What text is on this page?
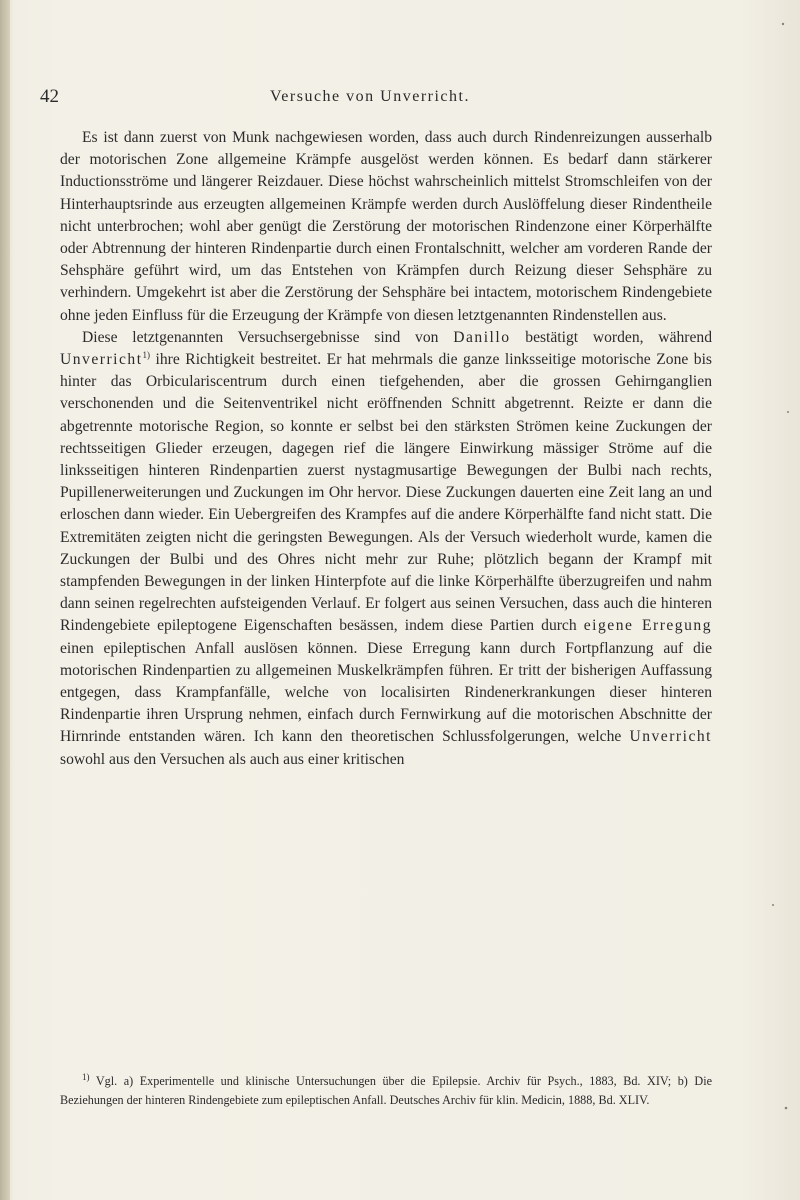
42	Versuche von Unverricht.

Es ist dann zuerst von Munk nachgewiesen worden, dass auch durch Rindenreizungen ausserhalb der motorischen Zone allgemeine Krämpfe ausgelöst werden können. Es bedarf dann stärkerer Inductionsströme und längerer Reizdauer. Diese höchst wahrscheinlich mittelst Stromschleifen von der Hinterhauptsrinde aus erzeugten allgemeinen Krämpfe werden durch Auslöffelung dieser Rindentheile nicht unterbrochen; wohl aber genügt die Zerstörung der motorischen Rindenzone einer Körperhälfte oder Abtrennung der hinteren Rindenpartie durch einen Frontalschnitt, welcher am vorderen Rande der Sehsphäre geführt wird, um das Entstehen von Krämpfen durch Reizung dieser Sehsphäre zu verhindern. Umgekehrt ist aber die Zerstörung der Sehsphäre bei intactem, motorischem Rindengebiete ohne jeden Einfluss für die Erzeugung der Krämpfe von diesen letztgenannten Rindenstellen aus.

Diese letztgenannten Versuchsergebnisse sind von Danillo bestätigt worden, während Unverricht$^{1)}$ ihre Richtigkeit bestreitet. Er hat mehrmals die ganze linksseitige motorische Zone bis hinter das Orbiculariscentrum durch einen tiefgehenden, aber die grossen Gehirnganglien verschonenden und die Seitenventrikel nicht eröffnenden Schnitt abgetrennt. Reizte er dann die abgetrennte motorische Region, so konnte er selbst bei den stärksten Strömen keine Zuckungen der rechtsseitigen Glieder erzeugen, dagegen rief die längere Einwirkung mässiger Ströme auf die linksseitigen hinteren Rindenpartien zuerst nystagmusartige Bewegungen der Bulbi nach rechts, Pupillenerweiterungen und Zuckungen im Ohr hervor. Diese Zuckungen dauerten eine Zeit lang an und erloschen dann wieder. Ein Uebergreifen des Krampfes auf die andere Körperhälfte fand nicht statt. Die Extremitäten zeigten nicht die geringsten Bewegungen. Als der Versuch wiederholt wurde, kamen die Zuckungen der Bulbi und des Ohres nicht mehr zur Ruhe; plötzlich begann der Krampf mit stampfenden Bewegungen in der linken Hinterpfote auf die linke Körperhälfte überzugreifen und nahm dann seinen regelrechten aufsteigenden Verlauf. Er folgert aus seinen Versuchen, dass auch die hinteren Rindengebiete epileptogene Eigenschaften besässen, indem diese Partien durch eigene Erregung einen epileptischen Anfall auslösen können. Diese Erregung kann durch Fortpflanzung auf die motorischen Rindenpartien zu allgemeinen Muskelkrämpfen führen. Er tritt der bisherigen Auffassung entgegen, dass Krampfanfälle, welche von localisirten Rindenerkrankungen dieser hinteren Rindenpartie ihren Ursprung nehmen, einfach durch Fernwirkung auf die motorischen Abschnitte der Hirnrinde entstanden wären. Ich kann den theoretischen Schlussfolgerungen, welche Unverricht sowohl aus den Versuchen als auch aus einer kritischen

$^{1)}$ Vgl. a) Experimentelle und klinische Untersuchungen über die Epilepsie. Archiv für Psych., 1883, Bd. XIV; b) Die Beziehungen der hinteren Rindengebiete zum epileptischen Anfall. Deutsches Archiv für klin. Medicin, 1888, Bd. XLIV.
